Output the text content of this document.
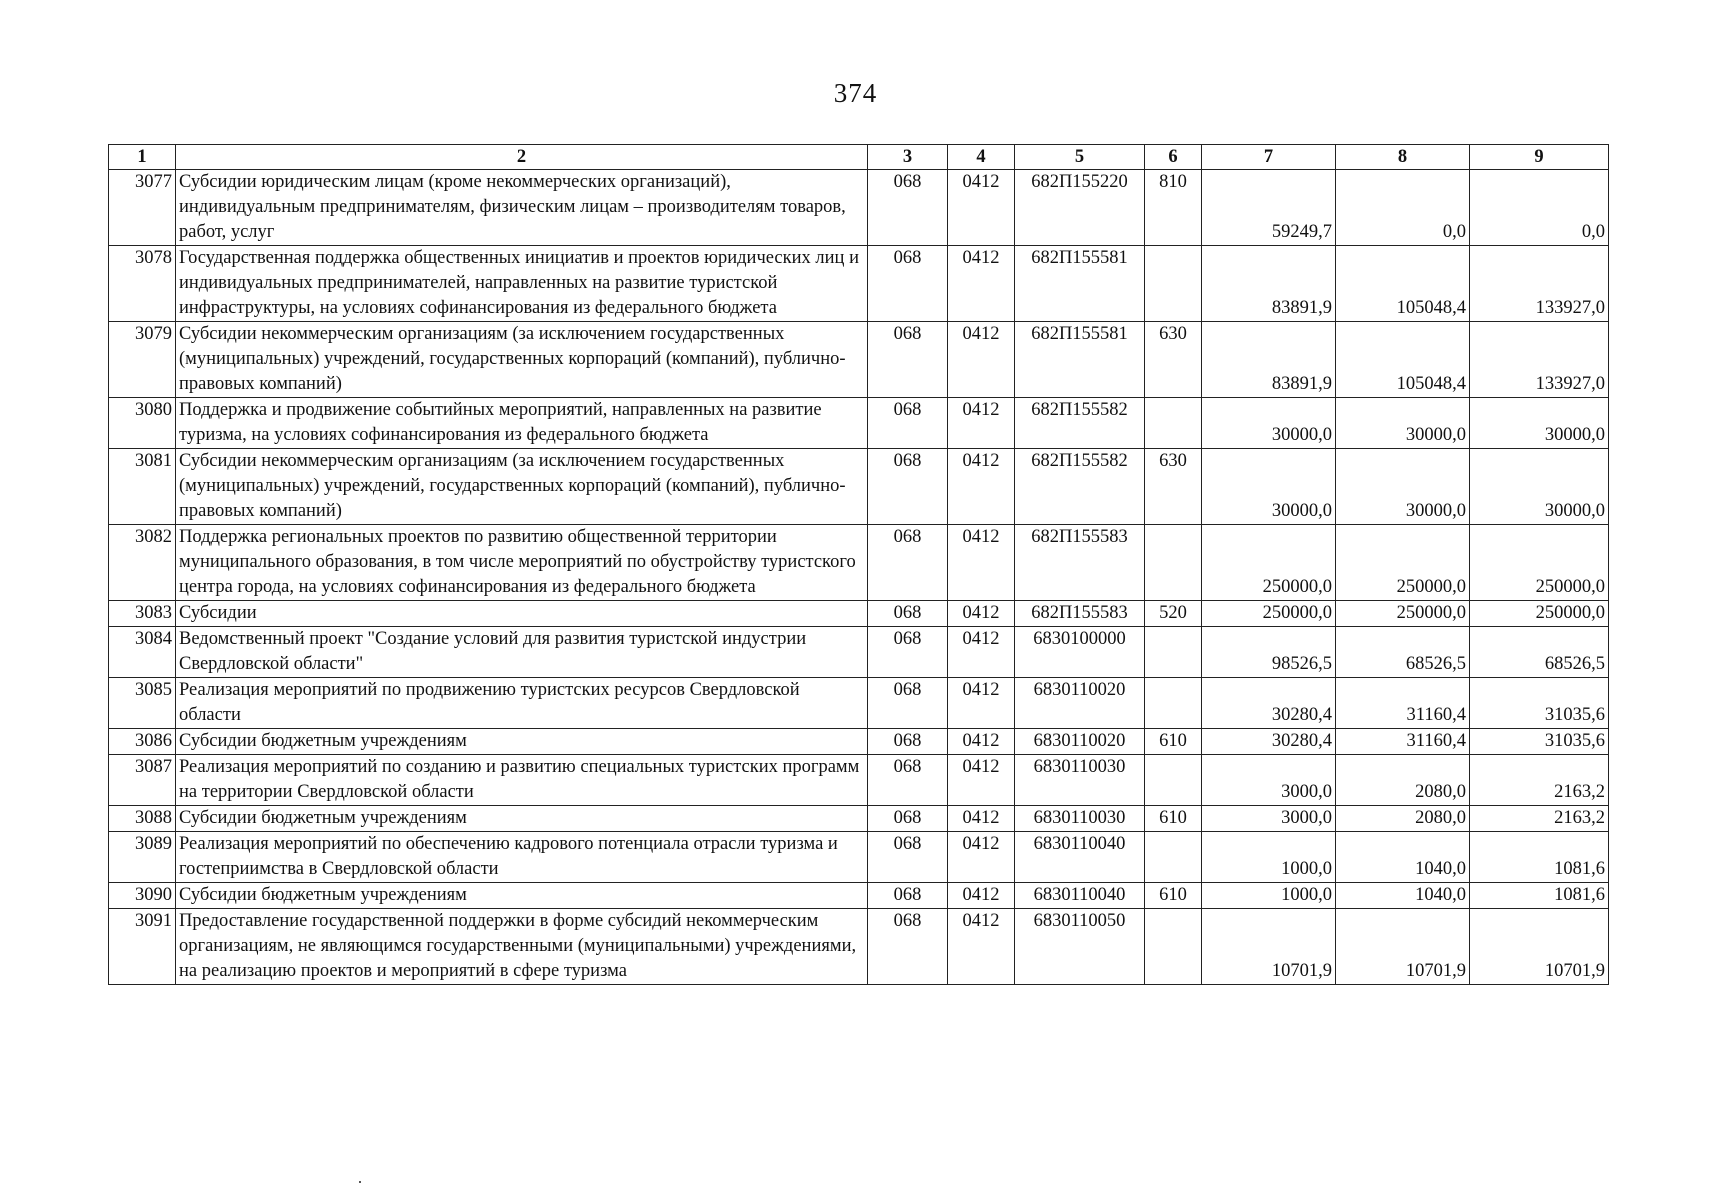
374
1	2	3	4	5	6	7	8	9
3077	Субсидии юридическим лицам (кроме некоммерческих организаций), индивидуальным предпринимателям, физическим лицам – производителям товаров, работ, услуг	068	0412	682П155220	810	59249,7	0,0	0,0
3078	Государственная поддержка общественных инициатив и проектов юридических лиц и индивидуальных предпринимателей, направленных на развитие туристской инфраструктуры, на условиях софинансирования из федерального бюджета	068	0412	682П155581		83891,9	105048,4	133927,0
3079	Субсидии некоммерческим организациям (за исключением государственных (муниципальных) учреждений, государственных корпораций (компаний), публично-правовых компаний)	068	0412	682П155581	630	83891,9	105048,4	133927,0
3080	Поддержка и продвижение событийных мероприятий, направленных на развитие туризма, на условиях софинансирования из федерального бюджета	068	0412	682П155582		30000,0	30000,0	30000,0
3081	Субсидии некоммерческим организациям (за исключением государственных (муниципальных) учреждений, государственных корпораций (компаний), публично-правовых компаний)	068	0412	682П155582	630	30000,0	30000,0	30000,0
3082	Поддержка региональных проектов по развитию общественной территории муниципального образования, в том числе мероприятий по обустройству туристского центра города, на условиях софинансирования из федерального бюджета	068	0412	682П155583		250000,0	250000,0	250000,0
3083	Субсидии	068	0412	682П155583	520	250000,0	250000,0	250000,0
3084	Ведомственный проект "Создание условий для развития туристской индустрии Свердловской области"	068	0412	6830100000		98526,5	68526,5	68526,5
3085	Реализация мероприятий по продвижению туристских ресурсов Свердловской области	068	0412	6830110020		30280,4	31160,4	31035,6
3086	Субсидии бюджетным учреждениям	068	0412	6830110020	610	30280,4	31160,4	31035,6
3087	Реализация мероприятий по созданию и развитию специальных туристских программ на территории Свердловской области	068	0412	6830110030		3000,0	2080,0	2163,2
3088	Субсидии бюджетным учреждениям	068	0412	6830110030	610	3000,0	2080,0	2163,2
3089	Реализация мероприятий по обеспечению кадрового потенциала отрасли туризма и гостеприимства в Свердловской области	068	0412	6830110040		1000,0	1040,0	1081,6
3090	Субсидии бюджетным учреждениям	068	0412	6830110040	610	1000,0	1040,0	1081,6
3091	Предоставление государственной поддержки в форме субсидий некоммерческим организациям, не являющимся государственными (муниципальными) учреждениями, на реализацию проектов и мероприятий в сфере туризма	068	0412	6830110050		10701,9	10701,9	10701,9
